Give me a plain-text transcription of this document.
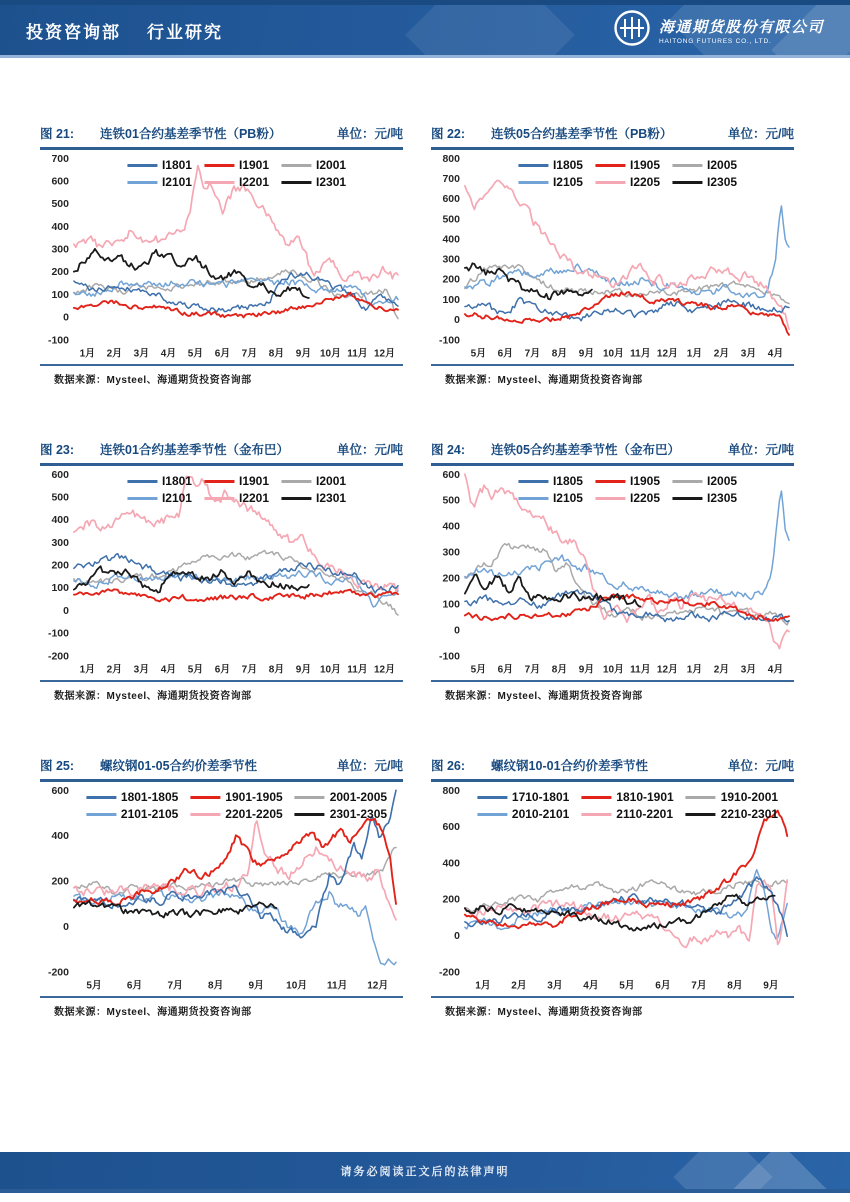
投资咨询部 行业研究	海通期货股份有限公司
HAITONG FUTURES CO., LTD.
图 21: 连铁01合约基差季节性（PB粉）	单位：元/吨
-100
0
100
200
300
400
500
600
700
1月 2月 3月 4月 5月 6月 7月 8月 9月 10月 11月 12月
I1801	I1901	I2001
I2101	I2201	I2301
数据来源：Mysteel、海通期货投资咨询部
图 22: 连铁05合约基差季节性（PB粉）	单位：元/吨
-100
0
100
200
300
400
500
600
700
800
5月 6月 7月 8月 9月 10月 11月 12月 1月 2月 3月 4月
I1805	I1905	I2005
I2105	I2205	I2305
数据来源：Mysteel、海通期货投资咨询部
图 23: 连铁01合约基差季节性（金布巴）	单位：元/吨
-200
-100
0
100
200
300
400
500
600
1月 2月 3月 4月 5月 6月 7月 8月 9月 10月 11月 12月
I1801	I1901	I2001
I2101	I2201	I2301
数据来源：Mysteel、海通期货投资咨询部
图 24: 连铁05合约基差季节性（金布巴）	单位：元/吨
-100
0
100
200
300
400
500
600
5月 6月 7月 8月 9月 10月 11月 12月 1月 2月 3月 4月
I1805	I1905	I2005
I2105	I2205	I2305
数据来源：Mysteel、海通期货投资咨询部
图 25: 螺纹钢01-05合约价差季节性	单位：元/吨
-200
0
200
400
600
5月 6月	7月 8月 9月 10月 11月 12月
1801-1805	1901-1905	2001-2005
2101-2105	2201-2205	2301-2305
数据来源：Mysteel、海通期货投资咨询部
图 26: 螺纹钢10-01合约价差季节性	单位：元/吨
-200
0
200
400
600
800
1月 2月 3月 4月 5月 6月 7月 8月 9月
1710-1801	1810-1901	1910-2001
2010-2101	2110-2201	2210-2301
数据来源：Mysteel、海通期货投资咨询部
请务必阅读正文后的法律声明
